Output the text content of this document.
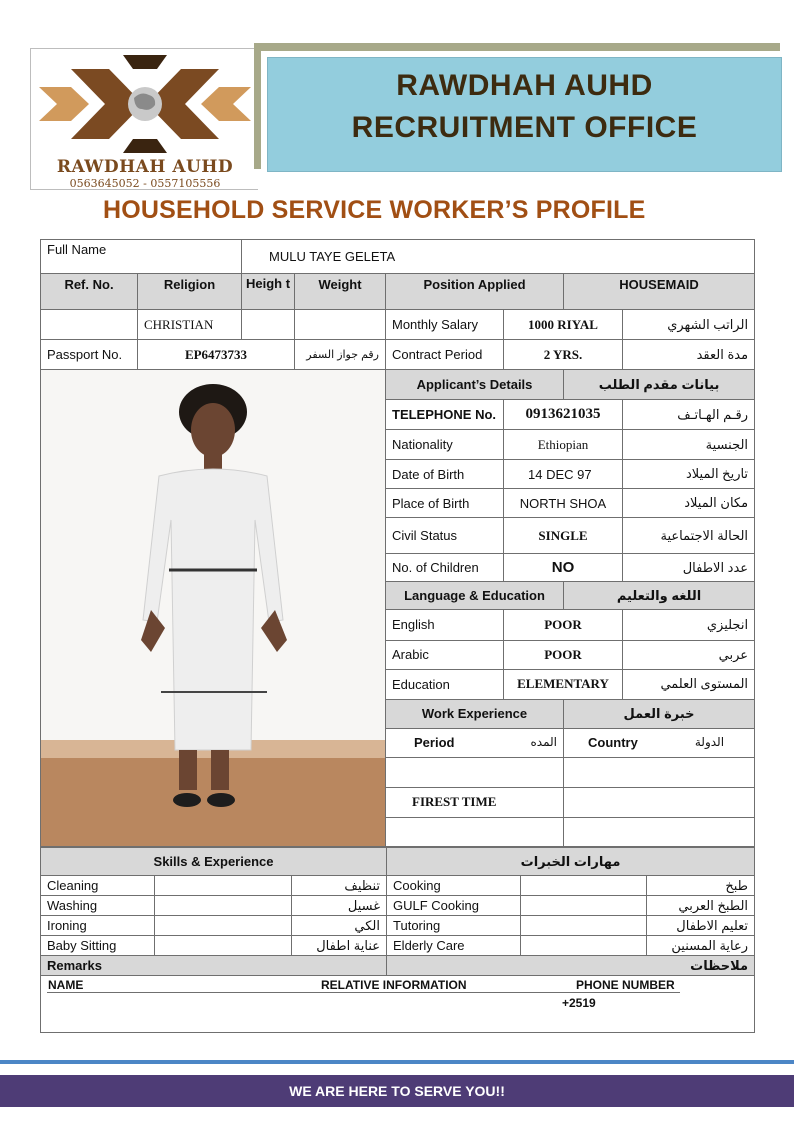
RAWDHAH AUHD
0563645052 - 0557105556
RAWDHAH AUHD
RECRUITMENT OFFICE
HOUSEHOLD SERVICE WORKER’S PROFILE
Full Name		MULU TAYE GELETA					
Ref. No.	Religion	Heigh t	Weight	Position Applied		HOUSEMAID	
	CHRISTIAN			Monthly Salary	1000 RIYAL		الراتب الشهري
Passport No.	EP6473733		رقم جواز السفر	Contract Period	2 YRS.		مدة العقد

	Applicant’s Details		بيانات مقدم الطلب	
				TELEPHONE No.	0913621035		رقـم الهـاتـف
				Nationality	Ethiopian		الجنسية
				Date of Birth	14 DEC 97		تاريخ الميلاد
				Place of Birth	NORTH SHOA		مكان الميلاد
				Civil Status	SINGLE		الحالة الاجتماعية
				No. of Children	NO		عدد الاطفال
				Language & Education		اللغه والتعليم	
				English	POOR		انجليزي
				Arabic	POOR		عربي
				Education	ELEMENTARY		المستوى العلمي
				Work Experience		خبرة العمل	
				Period المده		Country الدولة	

				FIREST TIME			

Skills & Experience			مهارات الخبرات		
Cleaning		تنظيف	Cooking		طبخ
Washing		غسيل	GULF Cooking		الطبخ العربي
Ironing		الكي	Tutoring		تعليم الاطفال
Baby Sitting		عناية اطفال	Elderly Care		رعاية المسنين
Remarks			ملاحظات		

NAME RELATIVE INFORMATION PHONE NUMBER
+2519					
WE ARE HERE TO SERVE YOU!!
